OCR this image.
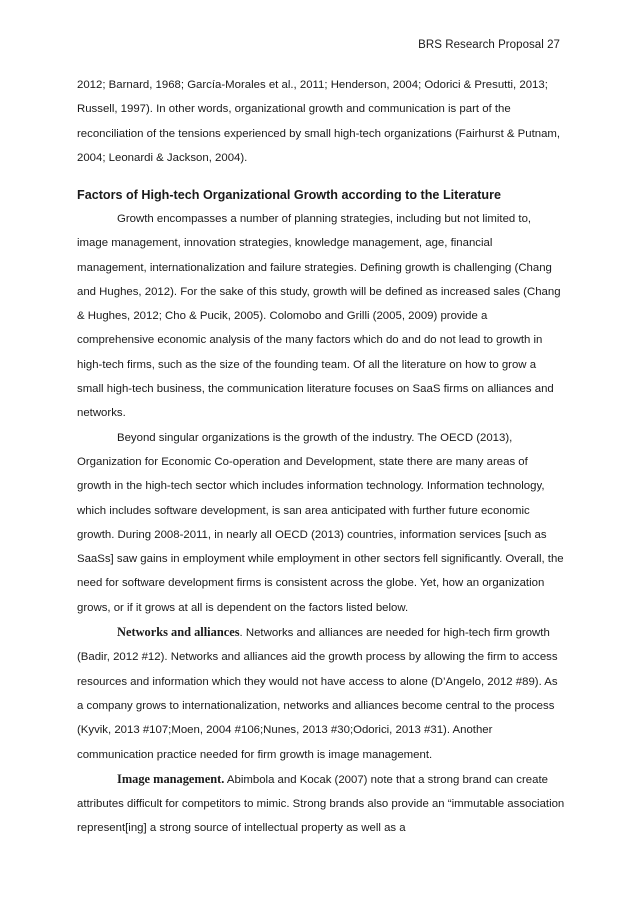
BRS Research Proposal 27

2012; Barnard, 1968; García-Morales et al., 2011; Henderson, 2004; Odorici & Presutti, 2013; Russell, 1997). In other words, organizational growth and communication is part of the reconciliation of the tensions experienced by small high-tech organizations (Fairhurst & Putnam, 2004; Leonardi & Jackson, 2004).

Factors of High-tech Organizational Growth according to the Literature

Growth encompasses a number of planning strategies, including but not limited to, image management, innovation strategies, knowledge management, age, financial management, internationalization and failure strategies. Defining growth is challenging (Chang and Hughes, 2012). For the sake of this study, growth will be defined as increased sales (Chang & Hughes, 2012; Cho & Pucik, 2005). Colomobo and Grilli (2005, 2009) provide a comprehensive economic analysis of the many factors which do and do not lead to growth in high-tech firms, such as the size of the founding team. Of all the literature on how to grow a small high-tech business, the communication literature focuses on SaaS firms on alliances and networks.

Beyond singular organizations is the growth of the industry. The OECD (2013), Organization for Economic Co-operation and Development, state there are many areas of growth in the high-tech sector which includes information technology. Information technology, which includes software development, is san area anticipated with further future economic growth. During 2008-2011, in nearly all OECD (2013) countries, information services [such as SaaSs] saw gains in employment while employment in other sectors fell significantly. Overall, the need for software development firms is consistent across the globe. Yet, how an organization grows, or if it grows at all is dependent on the factors listed below.

Networks and alliances. Networks and alliances are needed for high-tech firm growth (Badir, 2012 #12). Networks and alliances aid the growth process by allowing the firm to access resources and information which they would not have access to alone (D’Angelo, 2012 #89). As a company grows to internationalization, networks and alliances become central to the process (Kyvik, 2013 #107;Moen, 2004 #106;Nunes, 2013 #30;Odorici, 2013 #31). Another communication practice needed for firm growth is image management.

Image management. Abimbola and Kocak (2007) note that a strong brand can create attributes difficult for competitors to mimic. Strong brands also provide an “immutable association represent[ing] a strong source of intellectual property as well as a
